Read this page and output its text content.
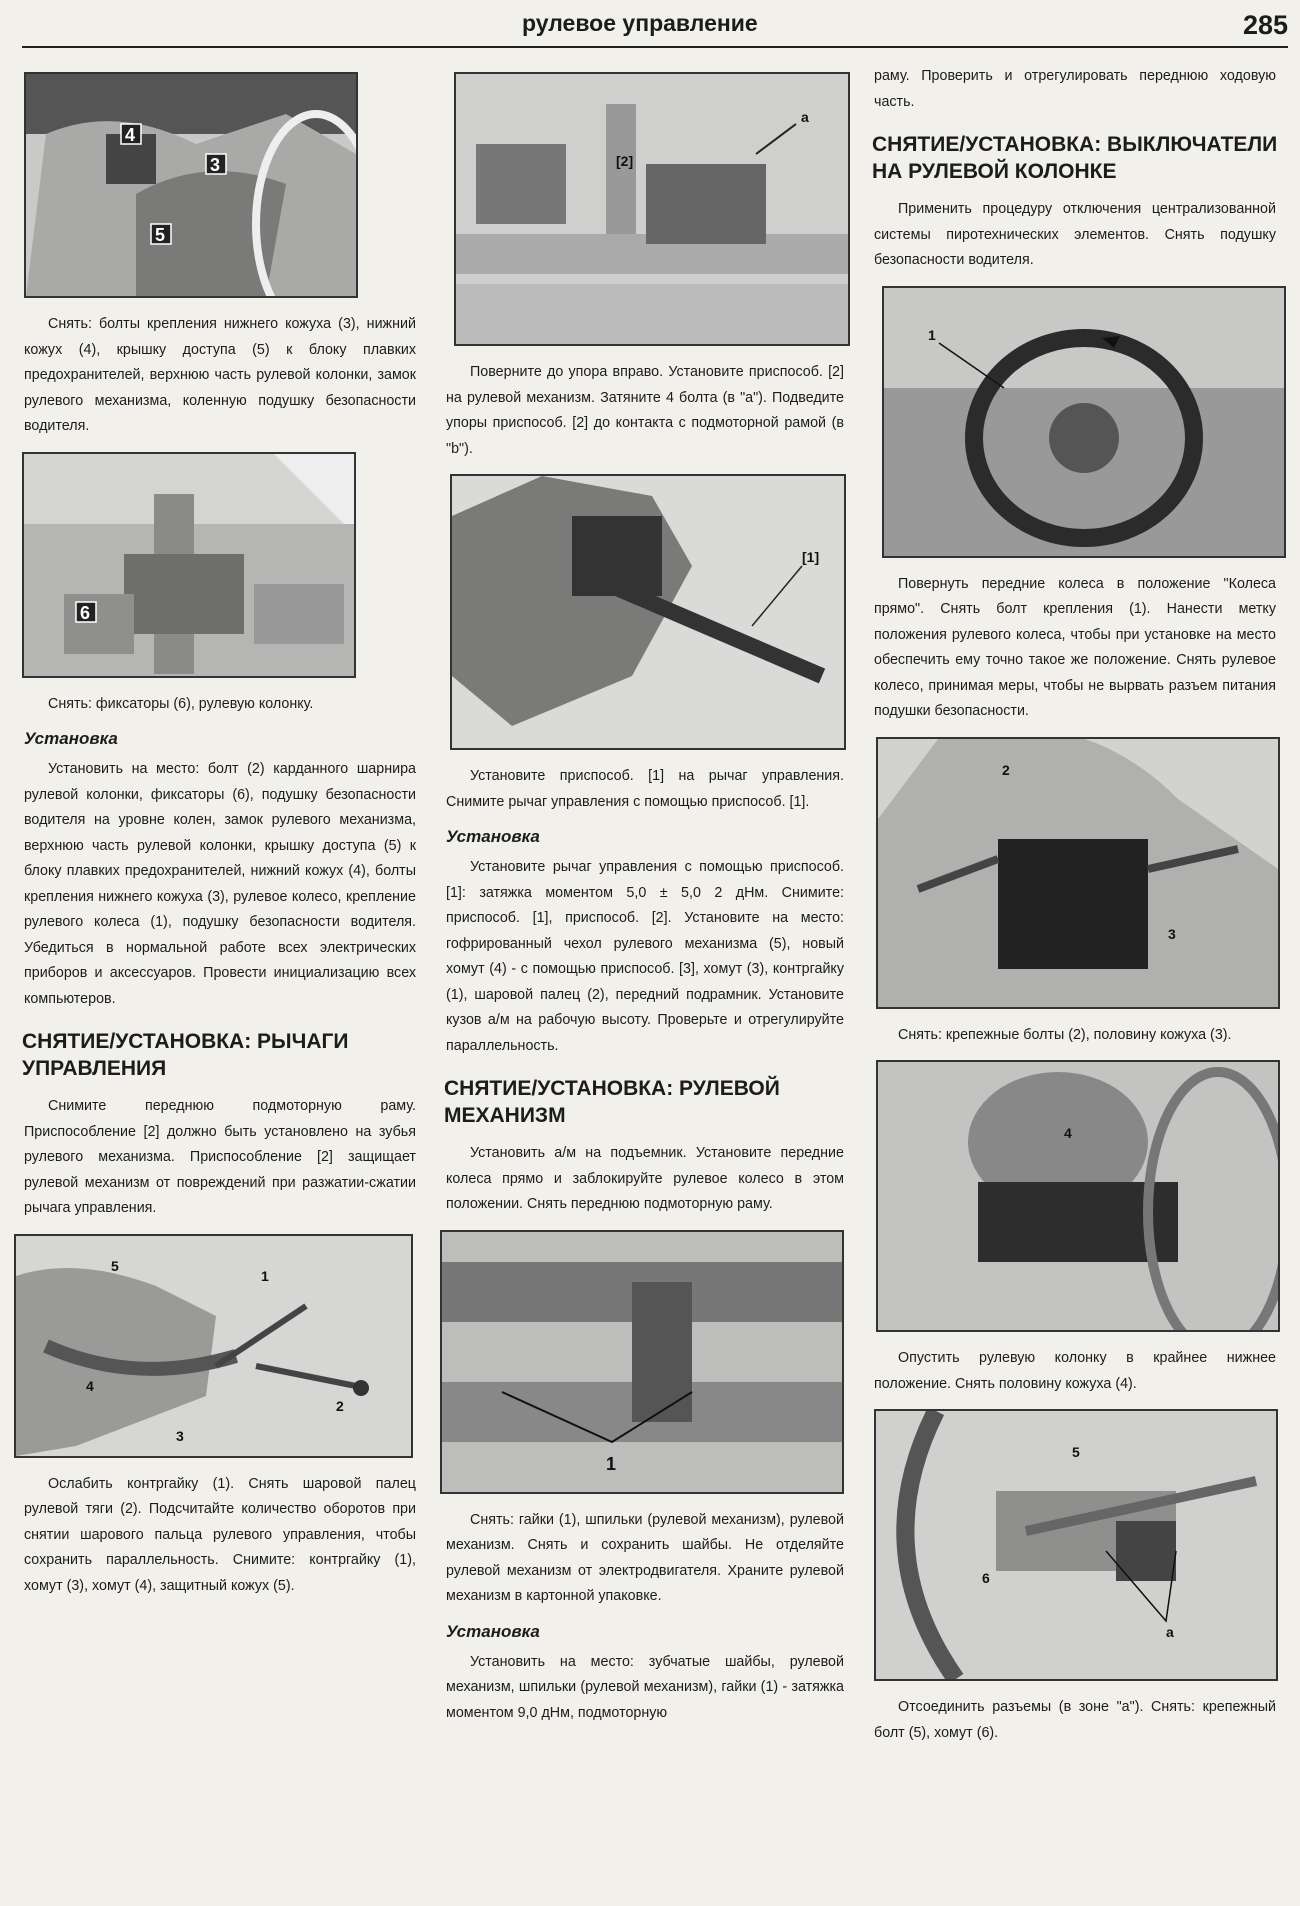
рулевое управление	285
4
3
5

Снять: болты крепления нижнего кожуха (3), нижний кожух (4), крышку доступа (5) к блоку плавких предохранителей, верхнюю часть рулевой колонки, замок рулевого механизма, коленную подушку безопасности водителя.

6

Снять: фиксаторы (6), рулевую колонку.

Установка

Установить на место: болт (2) карданного шарнира рулевой колонки, фиксаторы (6), подушку безопасности водителя на уровне колен, замок рулевого механизма, верхнюю часть рулевой колонки, крышку доступа (5) к блоку плавких предохранителей, нижний кожух (4), болты крепления нижнего кожуха (3), рулевое колесо, крепление рулевого колеса (1), подушку безопасности водителя. Убедиться в нормальной работе всех электрических приборов и аксессуаров. Провести инициализацию всех компьютеров.

СНЯТИЕ/УСТАНОВКА: РЫЧАГИ УПРАВЛЕНИЯ

Снимите переднюю подмоторную раму. Приспособление [2] должно быть установлено на зубья рулевого механизма. Приспособление [2] защищает рулевой механизм от повреждений при разжатии-сжатии рычага управления.

5
1
4
2
3

Ослабить контргайку (1). Снять шаровой палец рулевой тяги (2). Подсчитайте количество оборотов при снятии шарового пальца рулевого управления, чтобы сохранить параллельность. Снимите: контргайку (1), хомут (3), хомут (4), защитный кожух (5).

[2]
a

Поверните до упора вправо. Установите приспособ. [2] на рулевой механизм. Затяните 4 болта (в "a"). Подведите упоры приспособ. [2] до контакта с подмоторной рамой (в "b").

[1]

Установите приспособ. [1] на рычаг управления. Снимите рычаг управления с помощью приспособ. [1].

Установка

Установите рычаг управления с помощью приспособ. [1]: затяжка моментом 5,0 ± 5,0 2 дНм. Снимите: приспособ. [1], приспособ. [2]. Установите на место: гофрированный чехол рулевого механизма (5), новый хомут (4) - с помощью приспособ. [3], хомут (3), контргайку (1), шаровой палец (2), передний подрамник. Установите кузов а/м на рабочую высоту. Проверьте и отрегулируйте параллельность.

СНЯТИЕ/УСТАНОВКА: РУЛЕВОЙ МЕХАНИЗМ

Установить а/м на подъемник. Установите передние колеса прямо и заблокируйте рулевое колесо в этом положении. Снять переднюю подмоторную раму.

1

Снять: гайки (1), шпильки (рулевой механизм), рулевой механизм. Снять и сохранить шайбы. Не отделяйте рулевой механизм от электродвигателя. Храните рулевой механизм в картонной упаковке.

Установка

Установить на место: зубчатые шайбы, рулевой механизм, шпильки (рулевой механизм), гайки (1) - затяжка моментом 9,0 дНм, подмоторную

раму. Проверить и отрегулировать переднюю ходовую часть.

СНЯТИЕ/УСТАНОВКА: ВЫКЛЮЧАТЕЛИ НА РУЛЕВОЙ КОЛОНКЕ

Применить процедуру отключения централизованной системы пиротехнических элементов. Снять подушку безопасности водителя.

1

Повернуть передние колеса в положение "Колеса прямо". Снять болт крепления (1). Нанести метку положения рулевого колеса, чтобы при установке на место обеспечить ему точно такое же положение. Снять рулевое колесо, принимая меры, чтобы не вырвать разъем питания подушки безопасности.

2
3

Снять: крепежные болты (2), половину кожуха (3).

4

Опустить рулевую колонку в крайнее нижнее положение. Снять половину кожуха (4).

5
6
a

Отсоединить разъемы (в зоне "a"). Снять: крепежный болт (5), хомут (6).
